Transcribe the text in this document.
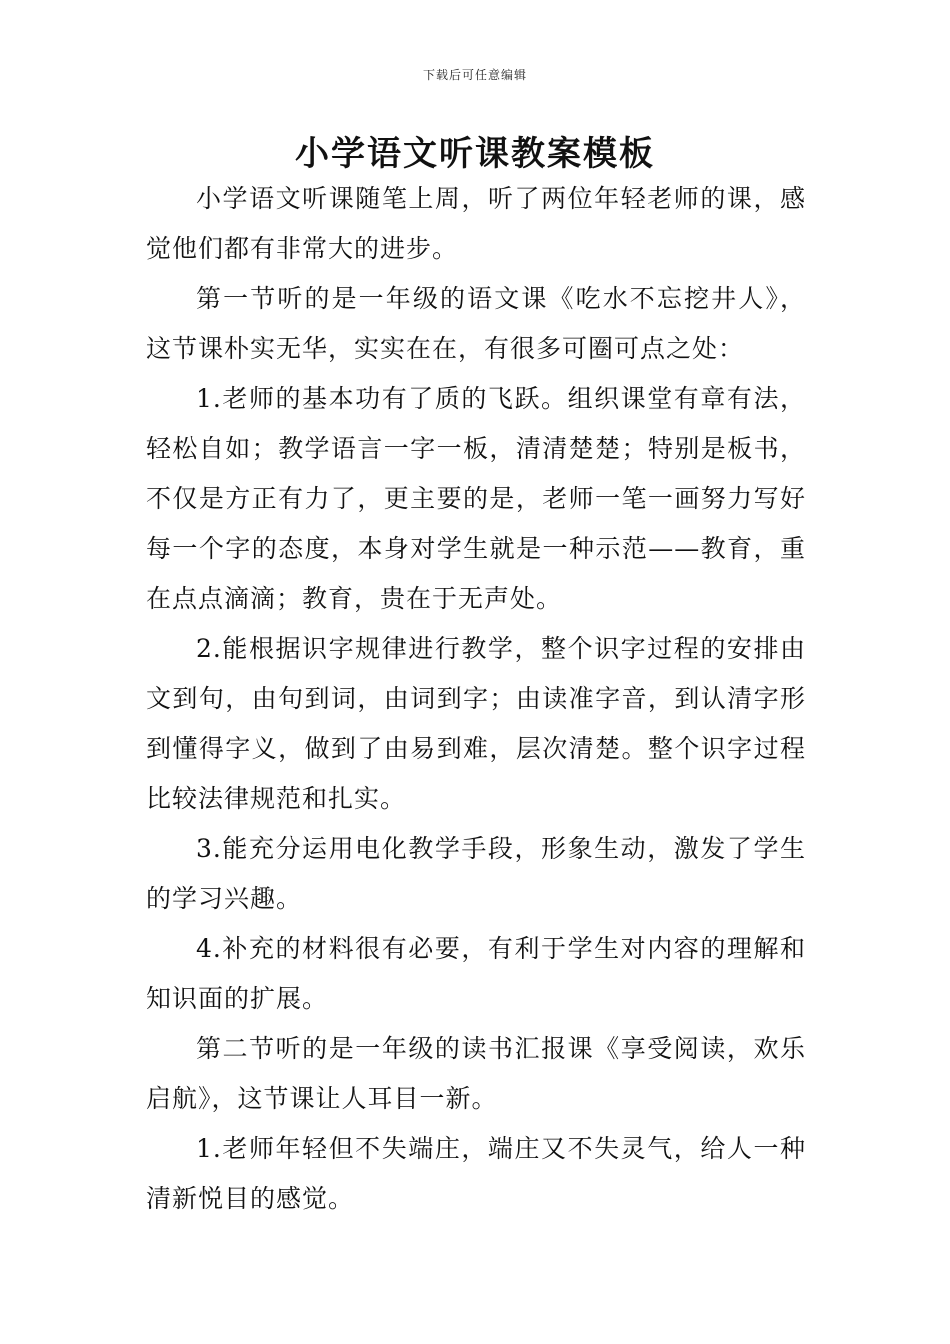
下载后可任意编辑
小学语文听课教案模板

小学语文听课随笔上周，听了两位年轻老师的课，感觉他们都有非常大的进步。

第一节听的是一年级的语文课《吃水不忘挖井人》，这节课朴实无华，实实在在，有很多可圈可点之处：

1.老师的基本功有了质的飞跃。组织课堂有章有法，轻松自如；教学语言一字一板，清清楚楚；特别是板书，不仅是方正有力了，更主要的是，老师一笔一画努力写好每一个字的态度，本身对学生就是一种示范——教育，重在点点滴滴；教育，贵在于无声处。

2.能根据识字规律进行教学，整个识字过程的安排由文到句，由句到词，由词到字；由读准字音，到认清字形到懂得字义，做到了由易到难，层次清楚。整个识字过程比较法律规范和扎实。

3.能充分运用电化教学手段，形象生动，激发了学生的学习兴趣。

4.补充的材料很有必要，有利于学生对内容的理解和知识面的扩展。

第二节听的是一年级的读书汇报课《享受阅读，欢乐启航》，这节课让人耳目一新。

1.老师年轻但不失端庄，端庄又不失灵气，给人一种清新悦目的感觉。
